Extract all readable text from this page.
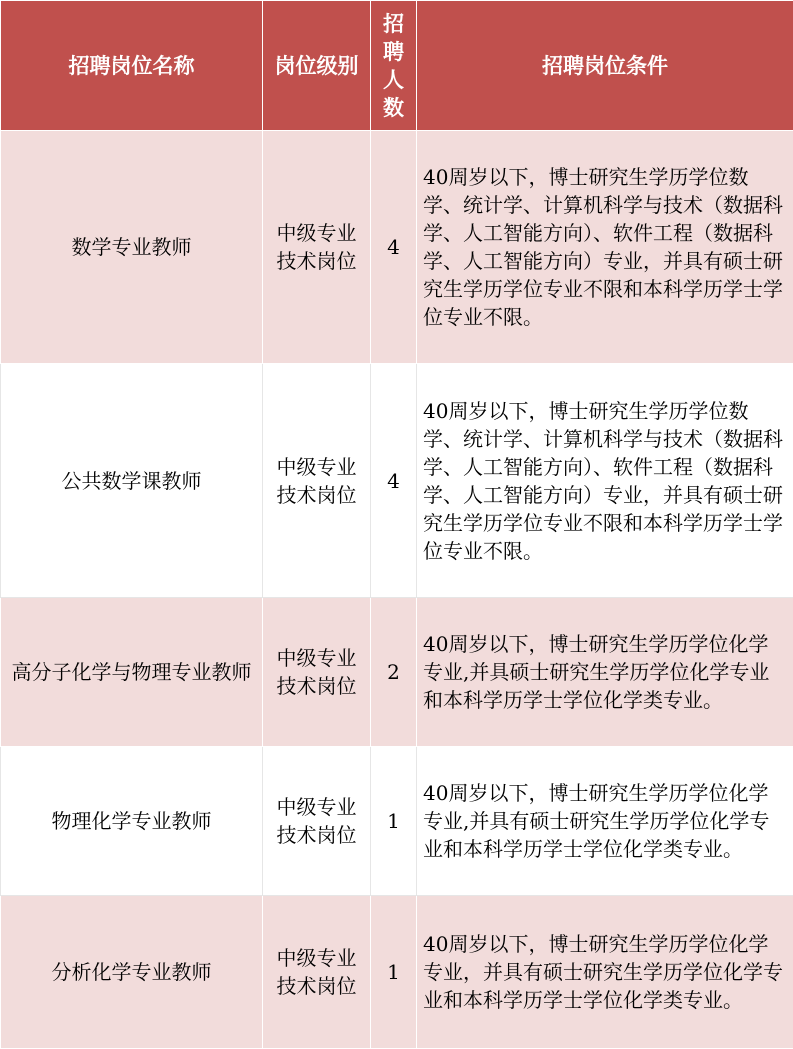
招聘岗位名称	岗位级别	招聘人数	招聘岗位条件
数学专业教师	中级专业技术岗位	4	40周岁以下，博士研究生学历学位数学、统计学、计算机科学与技术（数据科学、人工智能方向）、软件工程（数据科学、人工智能方向）专业，并具有硕士研究生学历学位专业不限和本科学历学士学位专业不限。
公共数学课教师	中级专业技术岗位	4	40周岁以下，博士研究生学历学位数学、统计学、计算机科学与技术（数据科学、人工智能方向）、软件工程（数据科学、人工智能方向）专业，并具有硕士研究生学历学位专业不限和本科学历学士学位专业不限。
高分子化学与物理专业教师	中级专业技术岗位	2	40周岁以下，博士研究生学历学位化学专业,并具硕士研究生学历学位化学专业和本科学历学士学位化学类专业。
物理化学专业教师	中级专业技术岗位	1	40周岁以下，博士研究生学历学位化学专业,并具有硕士研究生学历学位化学专业和本科学历学士学位化学类专业。
分析化学专业教师	中级专业技术岗位	1	40周岁以下，博士研究生学历学位化学专业，并具有硕士研究生学历学位化学专业和本科学历学士学位化学类专业。
